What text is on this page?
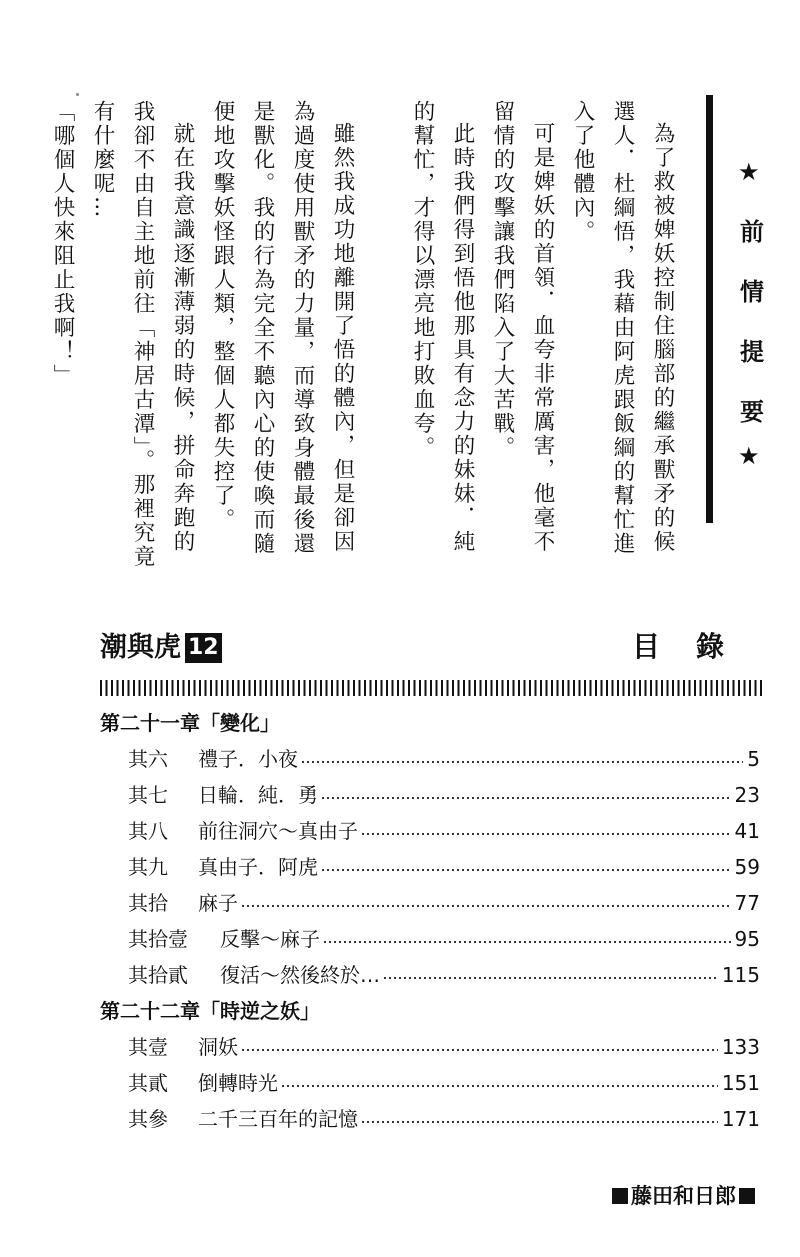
★
前
情
提
要
★

為了救被婢妖控制住腦部的繼承獸矛的候選人．杜綱悟，我藉由阿虎跟飯綱的幫忙進入了他體內。

可是婢妖的首領．血夸非常厲害，他毫不留情的攻擊讓我們陷入了大苦戰。

此時我們得到悟他那具有念力的妹妹．純的幫忙，才得以漂亮地打敗血夸。

雖然我成功地離開了悟的體內，但是卻因為過度使用獸矛的力量，而導致身體最後還是獸化。我的行為完全不聽內心的使喚而隨便地攻擊妖怪跟人類，整個人都失控了。

就在我意識逐漸薄弱的時候，拼命奔跑的我卻不由自主地前往「神居古潭」。那裡究竟有什麼呢…

「哪個人快來阻止我啊！」

潮與虎 12	目錄
第二十一章「變化」
其六	禮子．小夜	5
其七	日輪．純．勇	23
其八	前往洞穴～真由子	41
其九	真由子．阿虎	59
其拾	麻子	77
其拾壹	反擊～麻子	95
其拾貳	復活～然後終於…	115
第二十二章「時逆之妖」
其壹	洞妖	133
其貳	倒轉時光	151
其參	二千三百年的記憶	171
藤田和日郎
